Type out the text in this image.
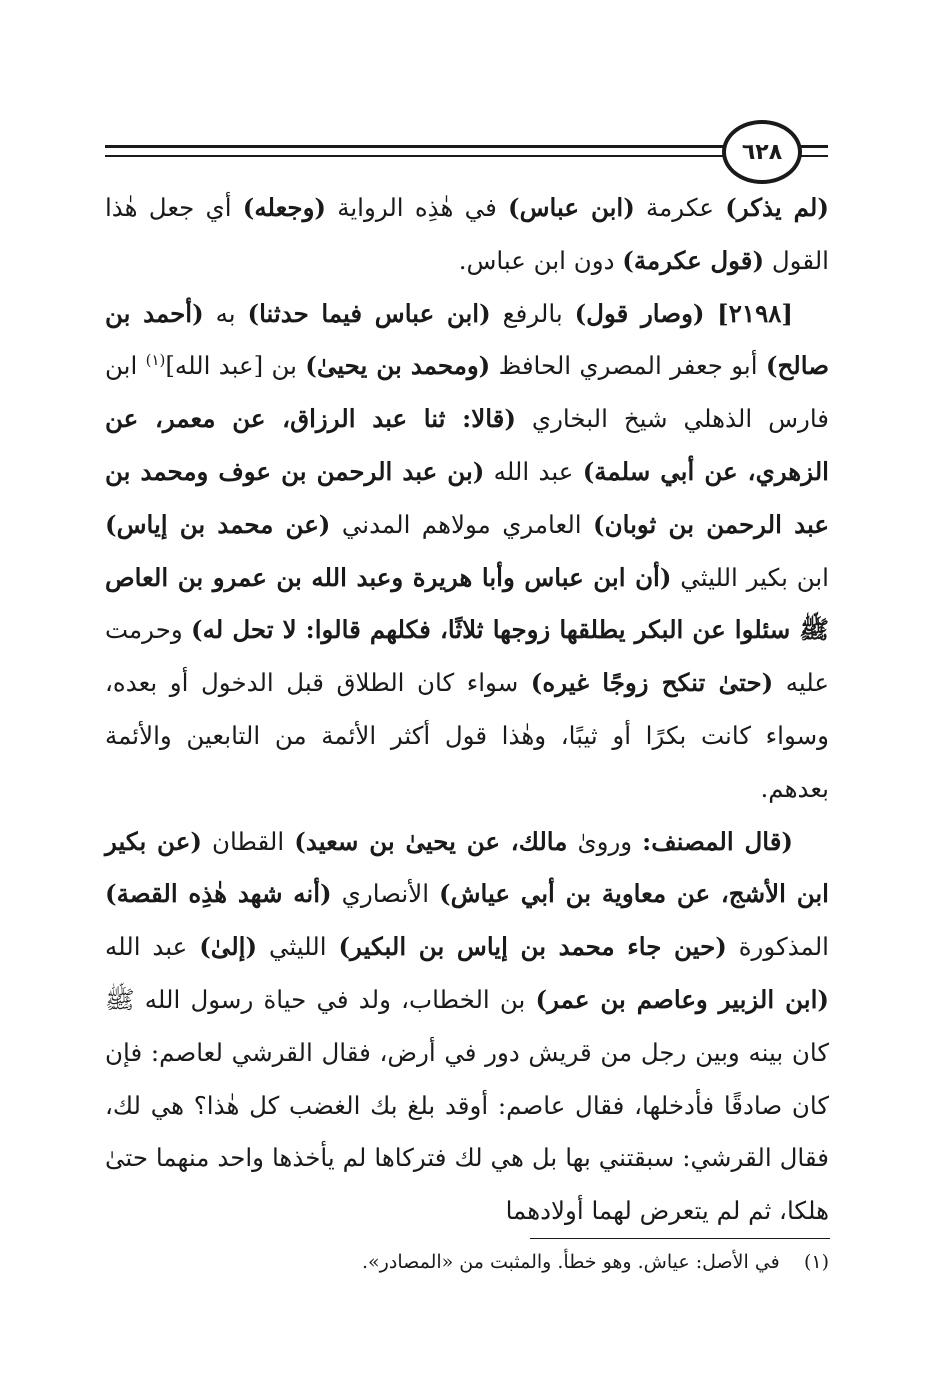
٦٢٨

(لم يذكر) عكرمة (ابن عباس) في هٰذِه الرواية (وجعله) أي جعل هٰذا القول (قول عكرمة) دون ابن عباس.

[٢١٩٨] (وصار قول) بالرفع (ابن عباس فيما حدثنا) به (أحمد بن صالح) أبو جعفر المصري الحافظ (ومحمد بن يحيىٰ) بن [عبد الله]$^{(١)}$ ابن فارس الذهلي شيخ البخاري (قالا: ثنا عبد الرزاق، عن معمر، عن الزهري، عن أبي سلمة) عبد الله (بن عبد الرحمن بن عوف ومحمد بن عبد الرحمن بن ثوبان) العامري مولاهم المدني (عن محمد بن إياس) ابن بكير الليثي (أن ابن عباس وأبا هريرة وعبد الله بن عمرو بن العاص ﷺ سئلوا عن البكر يطلقها زوجها ثلاثًا، فكلهم قالوا: لا تحل له) وحرمت عليه (حتىٰ تنكح زوجًا غيره) سواء كان الطلاق قبل الدخول أو بعده، وسواء كانت بكرًا أو ثيبًا، وهٰذا قول أكثر الأئمة من التابعين والأئمة بعدهم.

(قال المصنف: وروىٰ مالك، عن يحيىٰ بن سعيد) القطان (عن بكير ابن الأشج، عن معاوية بن أبي عياش) الأنصاري (أنه شهد هٰذِه القصة) المذكورة (حين جاء محمد بن إياس بن البكير) الليثي (إلىٰ) عبد الله (ابن الزبير وعاصم بن عمر) بن الخطاب، ولد في حياة رسول الله ﷺ كان بينه وبين رجل من قريش دور في أرض، فقال القرشي لعاصم: فإن كان صادقًا فأدخلها، فقال عاصم: أوقد بلغ بك الغضب كل هٰذا؟ هي لك، فقال القرشي: سبقتني بها بل هي لك فتركاها لم يأخذها واحد منهما حتىٰ هلكا، ثم لم يتعرض لهما أولادهما

(١)    في الأصل: عياش. وهو خطأ. والمثبت من «المصادر».
